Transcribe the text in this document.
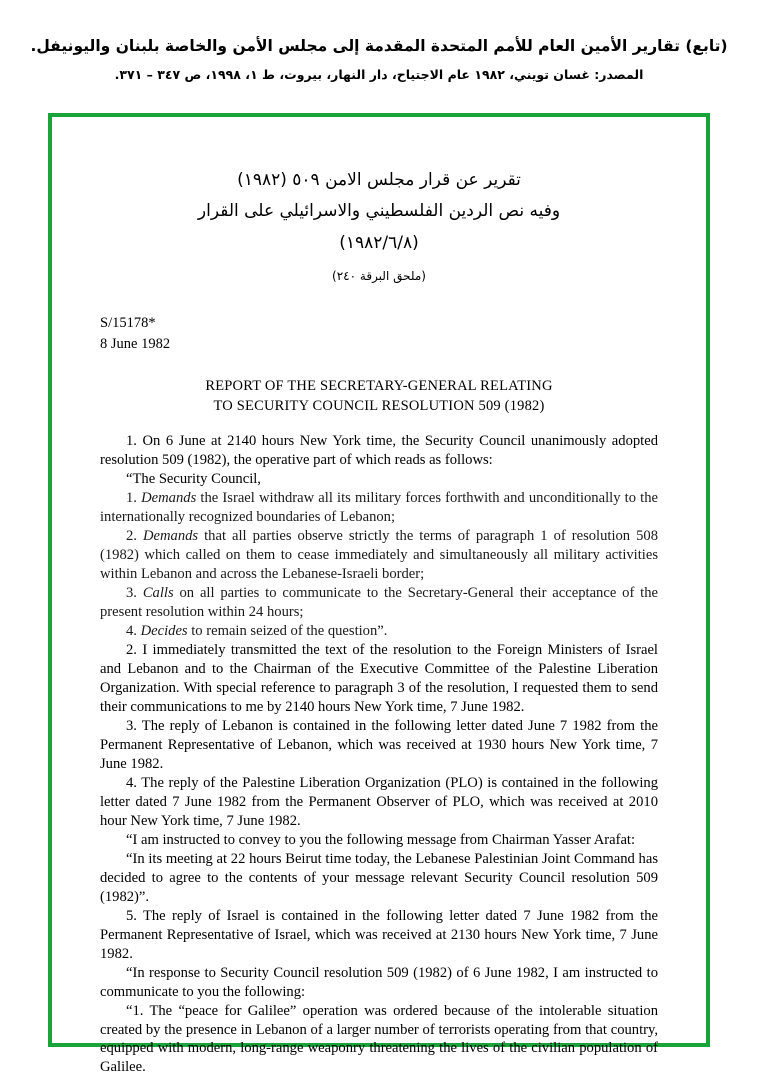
(تابع) تقارير الأمين العام للأمم المتحدة المقدمة إلى مجلس الأمن والخاصة بلبنان واليونيفل.
المصدر: غسان تويني، ١٩٨٢ عام الاجتياح، دار النهار، بيروت، ط ١، ١٩٩٨، ص ٣٤٧ – ٣٧١.
تقرير عن قرار مجلس الامن ٥٠٩ (١٩٨٢)
وفيه نص الردين الفلسطيني والاسرائيلي على القرار
(١٩٨٢/٦/٨)
(ملحق البرقة ٢٤٠)
S/15178*
8 June 1982
REPORT OF THE SECRETARY-GENERAL RELATING
TO SECURITY COUNCIL RESOLUTION 509 (1982)

1. On 6 June at 2140 hours New York time, the Security Council unanimously adopted resolution 509 (1982), the operative part of which reads as follows:

“The Security Council,

1. Demands the Israel withdraw all its military forces forthwith and unconditionally to the internationally recognized boundaries of Lebanon;

2. Demands that all parties observe strictly the terms of paragraph 1 of resolution 508 (1982) which called on them to cease immediately and simultaneously all military activities within Lebanon and across the Lebanese-Israeli border;

3. Calls on all parties to communicate to the Secretary-General their acceptance of the present resolution within 24 hours;

4. Decides to remain seized of the question”.

2. I immediately transmitted the text of the resolution to the Foreign Ministers of Israel and Lebanon and to the Chairman of the Executive Committee of the Palestine Liberation Organization. With special reference to paragraph 3 of the resolution, I requested them to send their communications to me by 2140 hours New York time, 7 June 1982.

3. The reply of Lebanon is contained in the following letter dated June 7 1982 from the Permanent Representative of Lebanon, which was received at 1930 hours New York time, 7 June 1982.

4. The reply of the Palestine Liberation Organization (PLO) is contained in the following letter dated 7 June 1982 from the Permanent Observer of PLO, which was received at 2010 hour New York time, 7 June 1982.

“I am instructed to convey to you the following message from Chairman Yasser Arafat:

“In its meeting at 22 hours Beirut time today, the Lebanese Palestinian Joint Command has decided to agree to the contents of your message relevant Security Council resolution 509 (1982)”.

5. The reply of Israel is contained in the following letter dated 7 June 1982 from the Permanent Representative of Israel, which was received at 2130 hours New York time, 7 June 1982.

“In response to Security Council resolution 509 (1982) of 6 June 1982, I am instructed to communicate to you the following:

“1. The “peace for Galilee” operation was ordered because of the intolerable situation created by the presence in Lebanon of a larger number of terrorists operating from that country, equipped with modern, long-range weaponry threatening the lives of the civilian population of Galilee.
